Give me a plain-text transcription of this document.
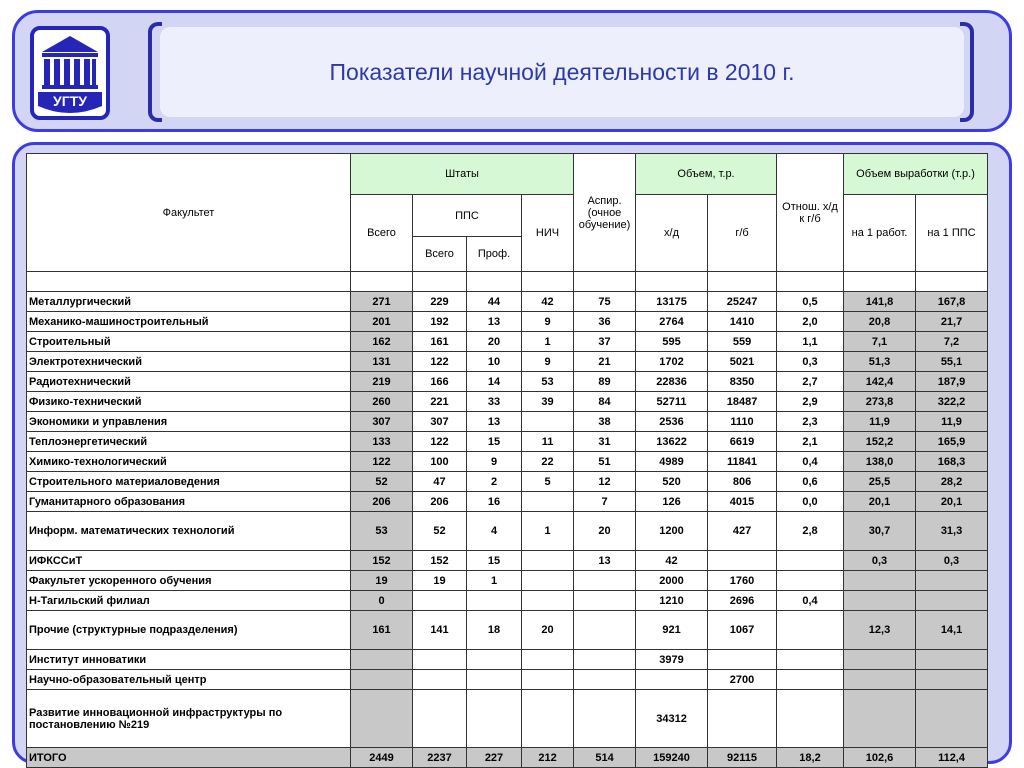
УГТУ
Показатели научной деятельности в 2010 г.
Факультет	Штаты				Аспир. (очное обучение)	Объем, т.р.		Отнош. х/д к г/б	Объем выработки (т.р.)	
	Всего	ППС		НИЧ		х/д	г/б		на 1 работ.	на 1 ППС
		Всего	Проф.							

Металлургический	271	229	44	42	75	13175	25247	0,5	141,8	167,8
Механико-машиностроительный	201	192	13	9	36	2764	1410	2,0	20,8	21,7
Строительный	162	161	20	1	37	595	559	1,1	7,1	7,2
Электротехнический	131	122	10	9	21	1702	5021	0,3	51,3	55,1
Радиотехнический	219	166	14	53	89	22836	8350	2,7	142,4	187,9
Физико-технический	260	221	33	39	84	52711	18487	2,9	273,8	322,2
Экономики и управления	307	307	13		38	2536	1110	2,3	11,9	11,9
Теплоэнергетический	133	122	15	11	31	13622	6619	2,1	152,2	165,9
Химико-технологический	122	100	9	22	51	4989	11841	0,4	138,0	168,3
Строительного материаловедения	52	47	2	5	12	520	806	0,6	25,5	28,2
Гуманитарного образования	206	206	16		7	126	4015	0,0	20,1	20,1
Информ. математических технологий	53	52	4	1	20	1200	427	2,8	30,7	31,3
ИФКССиТ	152	152	15		13	42			0,3	0,3
Факультет ускоренного обучения	19	19	1			2000	1760			
Н-Тагильский филиал	0					1210	2696	0,4		
Прочие (структурные подразделения)	161	141	18	20		921	1067		12,3	14,1
Институт инноватики						3979				
Научно-образовательный центр							2700			
Развитие инновационной инфраструктуры по постановлению №219						34312				
ИТОГО	2449	2237	227	212	514	159240	92115	18,2	102,6	112,4
